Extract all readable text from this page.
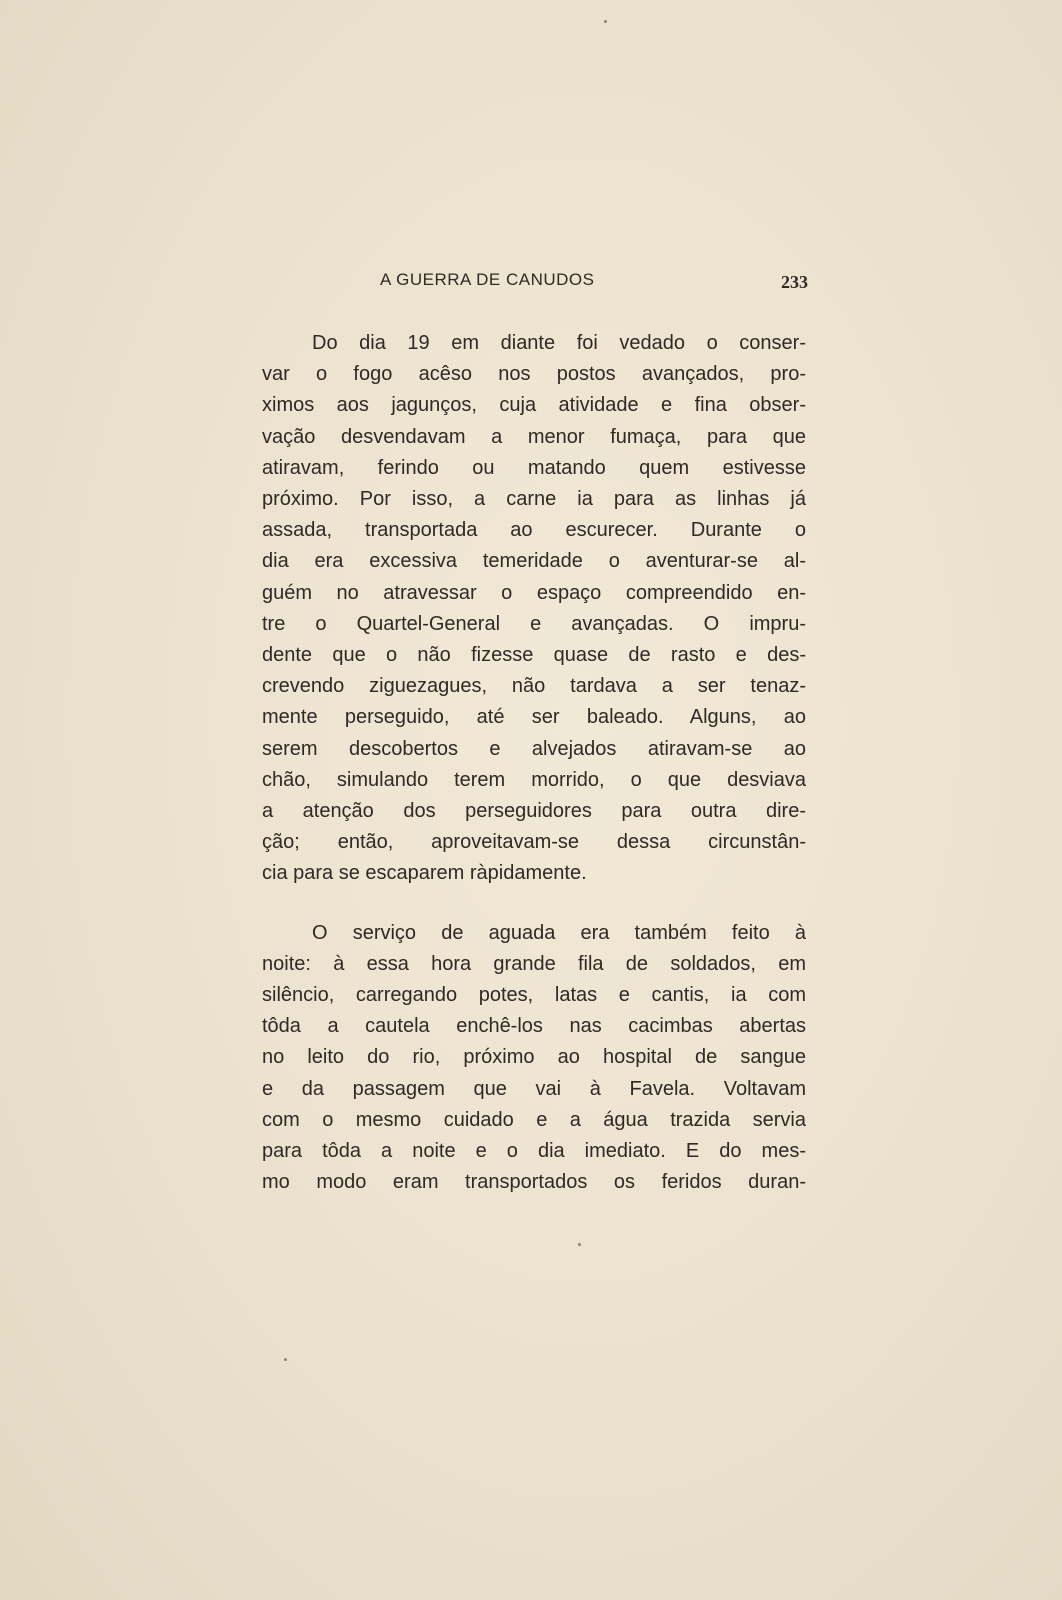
A GUERRA DE CANUDOS	233
Do dia 19 em diante foi vedado o conser-
var o fogo acêso nos postos avançados, pro-
ximos aos jagunços, cuja atividade e fina obser-
vação desvendavam a menor fumaça, para que
atiravam, ferindo ou matando quem estivesse
próximo. Por isso, a carne ia para as linhas já
assada, transportada ao escurecer. Durante o
dia era excessiva temeridade o aventurar-se al-
guém no atravessar o espaço compreendido en-
tre o Quartel-General e avançadas. O impru-
dente que o não fizesse quase de rasto e des-
crevendo ziguezagues, não tardava a ser tenaz-
mente perseguido, até ser baleado. Alguns, ao
serem descobertos e alvejados atiravam-se ao
chão, simulando terem morrido, o que desviava
a atenção dos perseguidores para outra dire-
ção; então, aproveitavam-se dessa circunstân-
cia para se escaparem ràpidamente.
O serviço de aguada era também feito à
noite: à essa hora grande fila de soldados, em
silêncio, carregando potes, latas e cantis, ia com
tôda a cautela enchê-los nas cacimbas abertas
no leito do rio, próximo ao hospital de sangue
e da passagem que vai à Favela. Voltavam
com o mesmo cuidado e a água trazida servia
para tôda a noite e o dia imediato. E do mes-
mo modo eram transportados os feridos duran-
